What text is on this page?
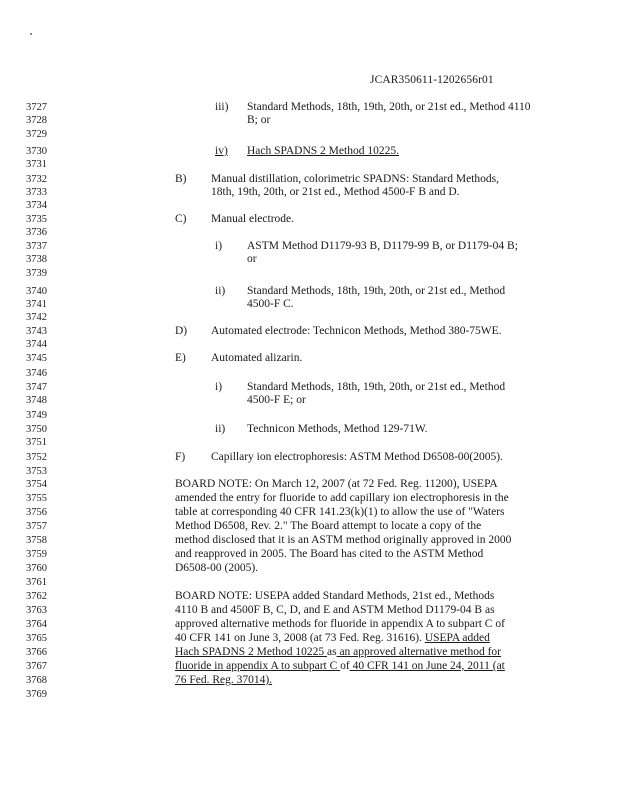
JCAR350611-1202656r01
3727
3728
3729
3730
3731
3732
3733
3734
3735
3736
3737
3738
3739
3740
3741
3742
3743
3744
3745
3746
3747
3748
3749
3750
3751
3752
3753
3754
3755
3756
3757
3758
3759
3760
3761
3762
3763
3764
3765
3766
3767
3768
3769
iii) Standard Methods, 18th, 19th, 20th, or 21st ed., Method 4110
B; or
iv) Hach SPADNS 2 Method 10225.
B) Manual distillation, colorimetric SPADNS: Standard Methods,
18th, 19th, 20th, or 21st ed., Method 4500-F B and D.
C) Manual electrode.
i) ASTM Method D1179-93 B, D1179-99 B, or D1179-04 B;
or
ii) Standard Methods, 18th, 19th, 20th, or 21st ed., Method
4500-F C.
D) Automated electrode: Technicon Methods, Method 380-75WE.
E) Automated alizarin.
i) Standard Methods, 18th, 19th, 20th, or 21st ed., Method
4500-F E; or
ii) Technicon Methods, Method 129-71W.
F) Capillary ion electrophoresis: ASTM Method D6508-00(2005).
BOARD NOTE: On March 12, 2007 (at 72 Fed. Reg. 11200), USEPA
amended the entry for fluoride to add capillary ion electrophoresis in the
table at corresponding 40 CFR 141.23(k)(1) to allow the use of "Waters
Method D6508, Rev. 2." The Board attempt to locate a copy of the
method disclosed that it is an ASTM method originally approved in 2000
and reapproved in 2005. The Board has cited to the ASTM Method
D6508-00 (2005).
BOARD NOTE: USEPA added Standard Methods, 21st ed., Methods
4110 B and 4500F B, C, D, and E and ASTM Method D1179-04 B as
approved alternative methods for fluoride in appendix A to subpart C of
40 CFR 141 on June 3, 2008 (at 73 Fed. Reg. 31616). USEPA added
Hach SPADNS 2 Method 10225 as an approved alternative method for
fluoride in appendix A to subpart C of 40 CFR 141 on June 24, 2011 (at
76 Fed. Reg. 37014).
